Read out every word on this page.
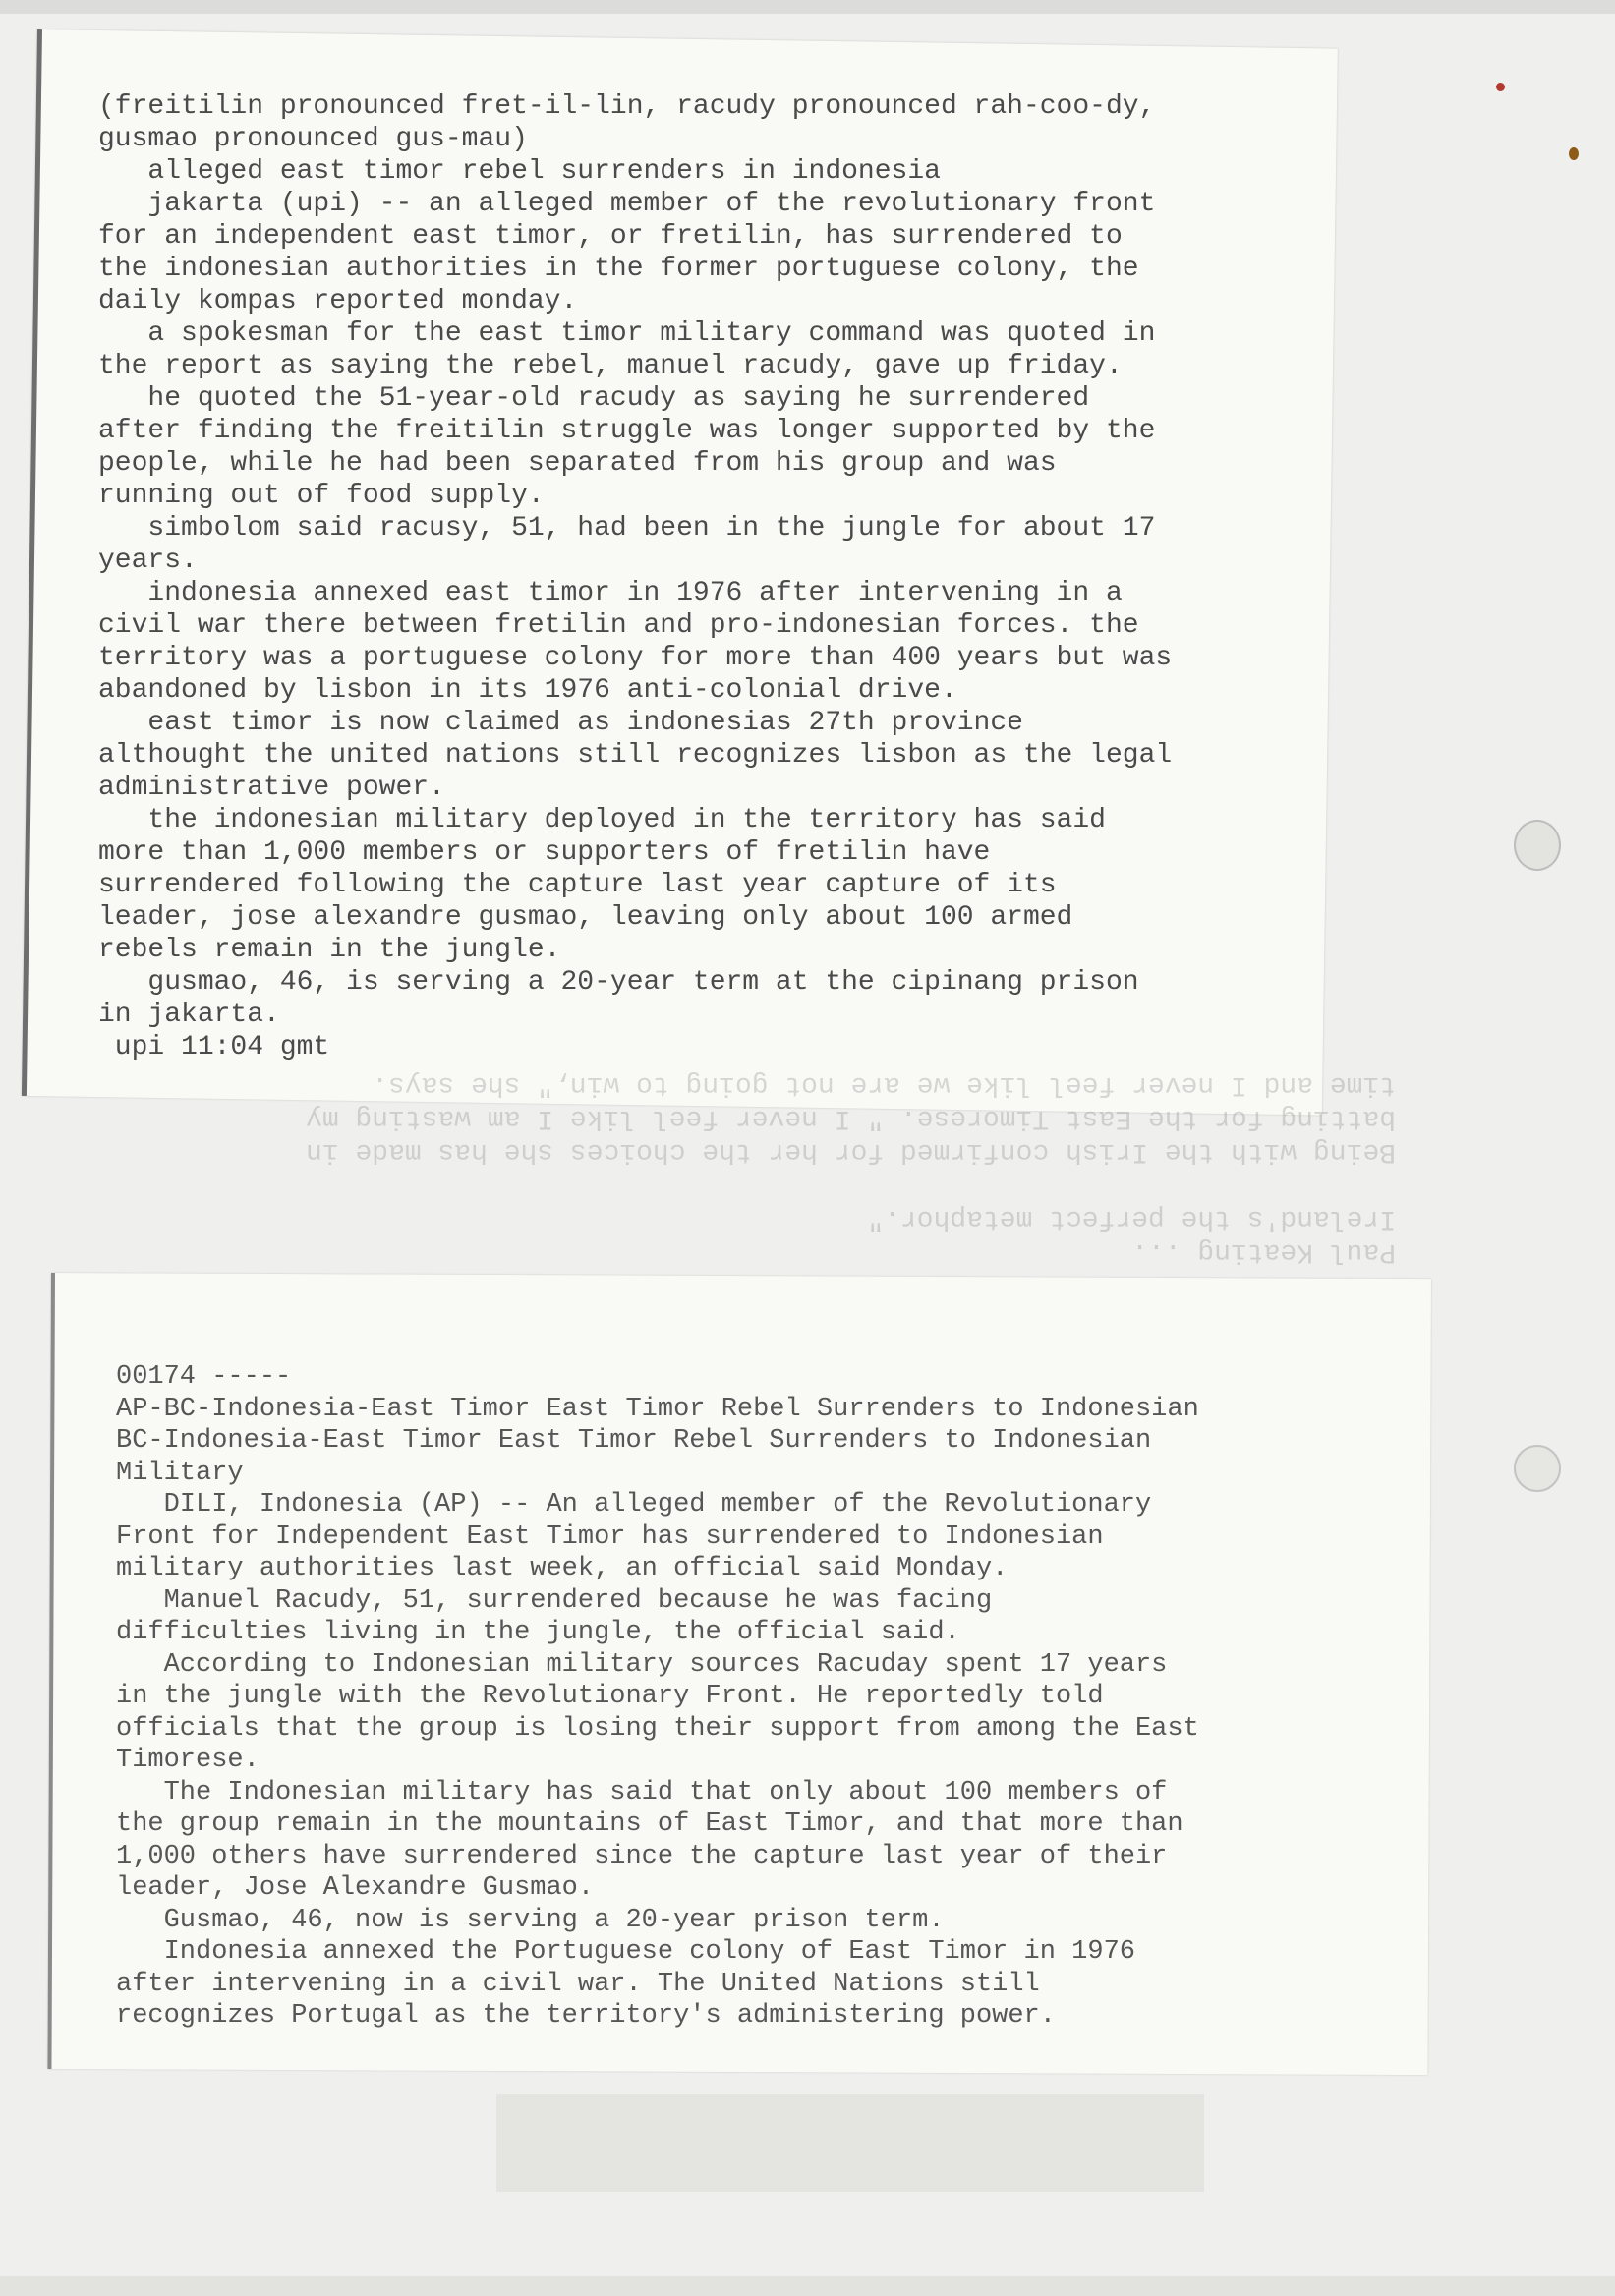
(freitilin pronounced fret-il-lin, racudy pronounced rah-coo-dy,
gusmao pronounced gus-mau)
alleged east timor rebel surrenders in indonesia
jakarta (upi) -- an alleged member of the revolutionary front
for an independent east timor, or fretilin, has surrendered to
the indonesian authorities in the former portuguese colony, the
daily kompas reported monday.
a spokesman for the east timor military command was quoted in
the report as saying the rebel, manuel racudy, gave up friday.
he quoted the 51-year-old racudy as saying he surrendered
after finding the freitilin struggle was longer supported by the
people, while he had been separated from his group and was
running out of food supply.
simbolom said racusy, 51, had been in the jungle for about 17
years.
indonesia annexed east timor in 1976 after intervening in a
civil war there between fretilin and pro-indonesian forces. the
territory was a portuguese colony for more than 400 years but was
abandoned by lisbon in its 1976 anti-colonial drive.
east timor is now claimed as indonesias 27th province
althought the united nations still recognizes lisbon as the legal
administrative power.
the indonesian military deployed in the territory has said
more than 1,000 members or supporters of fretilin have
surrendered following the capture last year capture of its
leader, jose alexandre gusmao, leaving only about 100 armed
rebels remain in the jungle.
gusmao, 46, is serving a 20-year term at the cipinang prison
in jakarta.
upi 11:04 gmt
Paul Keating ...
Ireland's the perfect metaphor."

Being with the Irish confirmed for her the choices she has made in
batting for the East Timorese. " I never feel like I am wasting my
time and I never feel like we are not going to win," she says.
00174 -----
AP-BC-Indonesia-East Timor East Timor Rebel Surrenders to Indonesian
BC-Indonesia-East Timor East Timor Rebel Surrenders to Indonesian
Military
DILI, Indonesia (AP) -- An alleged member of the Revolutionary
Front for Independent East Timor has surrendered to Indonesian
military authorities last week, an official said Monday.
Manuel Racudy, 51, surrendered because he was facing
difficulties living in the jungle, the official said.
According to Indonesian military sources Racuday spent 17 years
in the jungle with the Revolutionary Front. He reportedly told
officials that the group is losing their support from among the East
Timorese.
The Indonesian military has said that only about 100 members of
the group remain in the mountains of East Timor, and that more than
1,000 others have surrendered since the capture last year of their
leader, Jose Alexandre Gusmao.
Gusmao, 46, now is serving a 20-year prison term.
Indonesia annexed the Portuguese colony of East Timor in 1976
after intervening in a civil war. The United Nations still
recognizes Portugal as the territory's administering power.
